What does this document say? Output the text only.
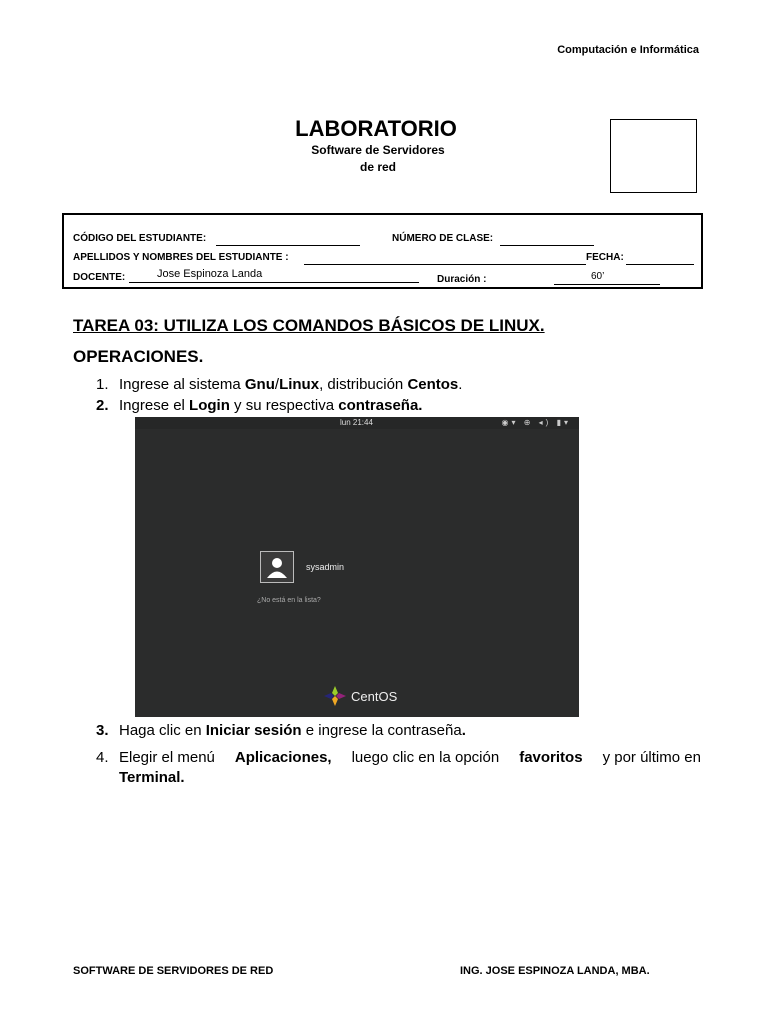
Computación e Informática
LABORATORIO
Software de Servidores
de red
CÓDIGO DEL ESTUDIANTE:	NÚMERO DE CLASE:
APELLIDOS Y NOMBRES DEL ESTUDIANTE :	FECHA:
DOCENTE:	Jose Espinoza Landa	Duración :	60’
TAREA 03: UTILIZA LOS COMANDOS BÁSICOS DE LINUX.
OPERACIONES.
1. Ingrese al sistema Gnu/Linux, distribución Centos.
2. Ingrese el Login y su respectiva contraseña.
lun 21:44	◉▾ ⊕ ◂) ▮▾
sysadmin
¿No está en la lista?
CentOS
3. Haga clic en Iniciar sesión e ingrese la contraseña.
4. Elegir el menú Aplicaciones, luego clic en la opción favoritos y por último en
Terminal.
SOFTWARE DE SERVIDORES DE RED	ING. JOSE ESPINOZA LANDA, MBA.
